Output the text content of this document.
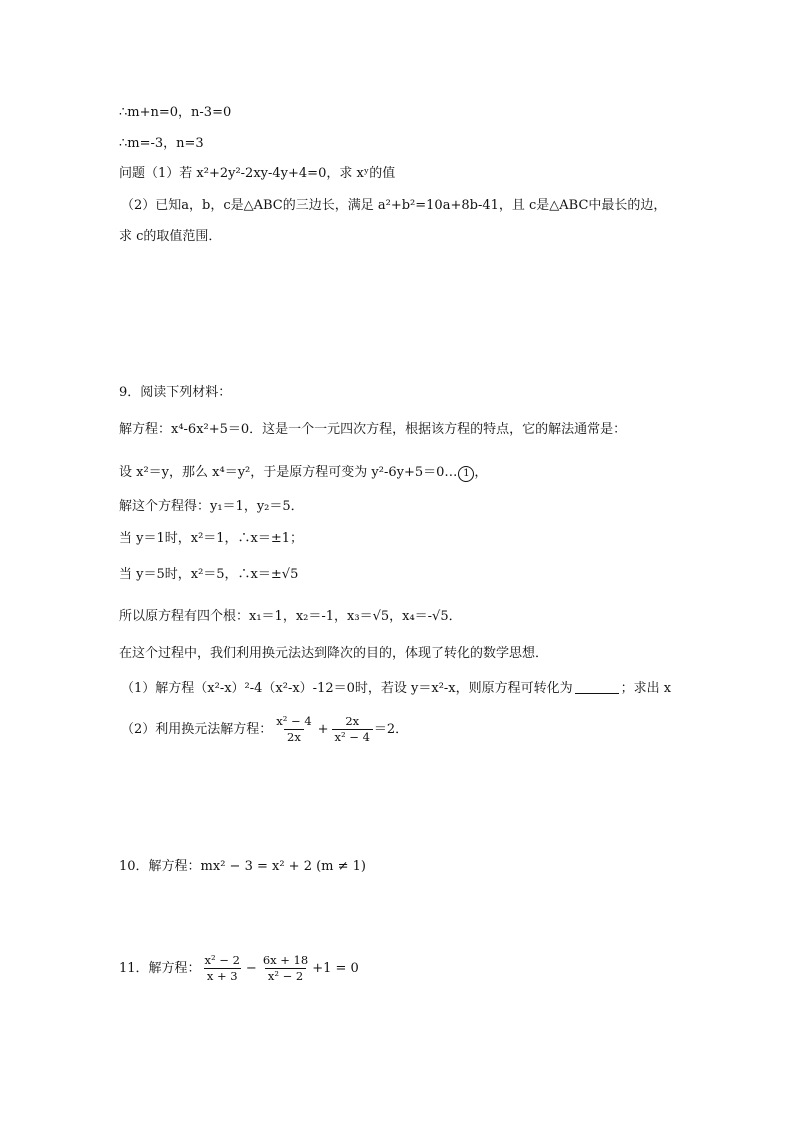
∴m+n=0，n-3=0
∴m=-3，n=3
问题（1）若 x²+2y²-2xy-4y+4=0，求 xʸ的值
（2）已知a，b，c是△ABC的三边长，满足 a²+b²=10a+8b-41，且 c是△ABC中最长的边，
求 c的取值范围．
9．阅读下列材料：
解方程：x⁴-6x²+5＝0．这是一个一元四次方程，根据该方程的特点，它的解法通常是：
设 x²＝y，那么 x⁴＝y²，于是原方程可变为 y²-6y+5＝0… 1 ，
解这个方程得：y₁＝1，y₂＝5．
当 y＝1时，x²＝1，∴x＝±1；
当 y＝5时，x²＝5，∴x＝±√5
所以原方程有四个根：x₁＝1，x₂＝-1，x₃＝√5，x₄＝-√5．
在这个过程中，我们利用换元法达到降次的目的，体现了转化的数学思想．
（1）解方程（x²-x）²-4（x²-x）-12＝0时，若设 y＝x²-x，则原方程可转化为	；求出 x
（2）利用换元法解方程： $\frac{\text{x² − 4}}{2x} + \frac{2x}{\text{x² − 4}} =2$．
10．解方程：mx² − 3 = x² + 2 (m ≠ 1)
11．解方程： $\frac{\text{x² − 2}}{x + 3} - \frac{6x + 18}{\text{x² − 2}} +1 = 0$
